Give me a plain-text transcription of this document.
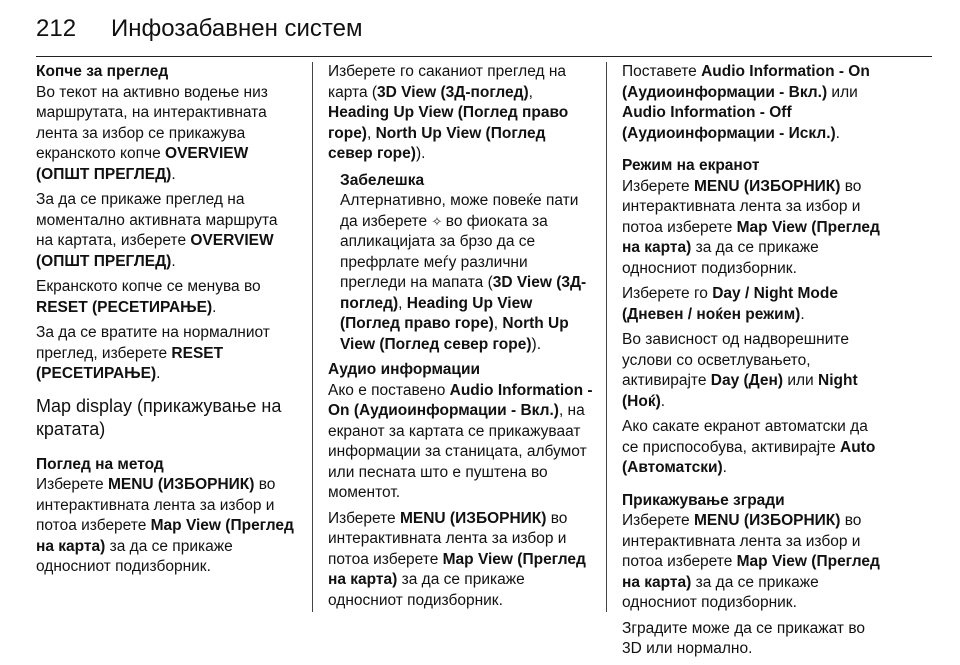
212 Инфозабавнен систем

Копче за преглед

Во текот на активно водење низ маршрутата, на интерактивната лента за избор се прикажува екранското копче OVERVIEW (ОПШТ ПРЕГЛЕД).

За да се прикаже преглед на моментално активната маршрута на картата, изберете OVERVIEW (ОПШТ ПРЕГЛЕД).

Екранското копче се менува во RESET (РЕСЕТИРАЊЕ).

За да се вратите на нормалниот преглед, изберете RESET (РЕСЕТИРАЊЕ).

Map display (прикажување на кратата)

Поглед на метод

Изберете MENU (ИЗБОРНИК) во интерактивната лента за избор и потоа изберете Map View (Преглед на карта) за да се прикаже односниот подизборник.

Изберете го саканиот преглед на карта (3D View (3Д-поглед), Heading Up View (Поглед право горе), North Up View (Поглед север горе)).

Забелешка

Алтернативно, може повеќе пати да изберете ✧ во фиоката за апликацијата за брзо да се префрлате меѓу различни прегледи на мапата (3D View (3Д-поглед), Heading Up View (Поглед право горе), North Up View (Поглед север горе)).

Аудио информации

Ако е поставено Audio Information - On (Аудиоинформации - Вкл.), на екранот за картата се прикажуваат информации за станицата, албумот или песната што е пуштена во моментот.

Изберете MENU (ИЗБОРНИК) во интерактивната лента за избор и потоа изберете Map View (Преглед на карта) за да се прикаже односниот подизборник.

Поставете Audio Information - On (Аудиоинформации - Вкл.) или Audio Information - Off (Аудиоинформации - Искл.).

Режим на екранот

Изберете MENU (ИЗБОРНИК) во интерактивната лента за избор и потоа изберете Map View (Преглед на карта) за да се прикаже односниот подизборник.

Изберете го Day / Night Mode (Дневен / ноќен режим).

Во зависност од надворешните услови со осветлувањето, активирајте Day (Ден) или Night (Ноќ).

Ако сакате екранот автоматски да се приспособува, активирајте Auto (Автоматски).

Прикажување згради

Изберете MENU (ИЗБОРНИК) во интерактивната лента за избор и потоа изберете Map View (Преглед на карта) за да се прикаже односниот подизборник.

Зградите може да се прикажат во 3D или нормално.
